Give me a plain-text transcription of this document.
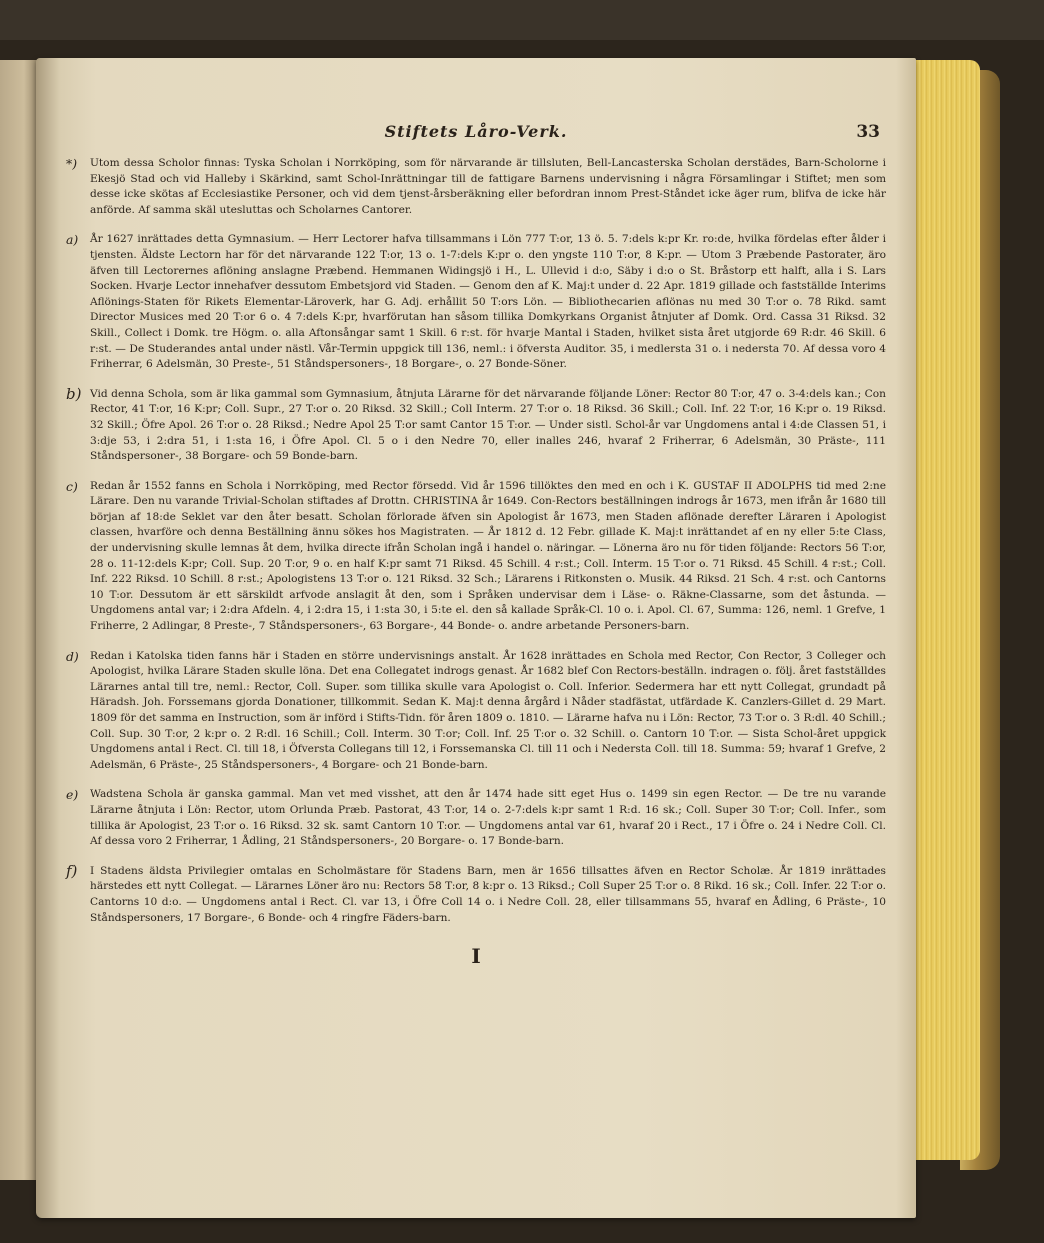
Stiftets Låro-Verk.	33
*)	Utom dessa Scholor finnas: Tyska Scholan i Norrköping, som för närvarande är tillsluten, Bell-Lancasterska Scholan derstädes, Barn-Scholorne i Ekesjö Stad och vid Halleby i Skärkind, samt Schol-Inrättningar till de fattigare Barnens undervisning i några Församlingar i Stiftet; men som desse icke skötas af Ecclesiastike Personer, och vid dem tjenst-årsberäkning eller befordran innom Prest-Ståndet icke äger rum, blifva de icke här anförde. Af samma skäl utesluttas och Scholarnes Cantorer.
a)	År 1627 inrättades detta Gymnasium. — Herr Lectorer hafva tillsammans i Lön 777 T:or, 13 ö. 5. 7:dels k:pr Kr. ro:de, hvilka fördelas efter ålder i tjensten. Äldste Lectorn har för det närvarande 122 T:or, 13 o. 1-7:dels K:pr o. den yngste 110 T:or, 8 K:pr. — Utom 3 Præbende Pastorater, äro äfven till Lectorernes aflöning anslagne Præbend. Hemmanen Widingsjö i H., L. Ullevid i d:o, Säby i d:o o St. Bråstorp ett halft, alla i S. Lars Socken. Hvarje Lector innehafver dessutom Embetsjord vid Staden. — Genom den af K. Maj:t under d. 22 Apr. 1819 gillade och fastställde Interims Aflönings-Staten för Rikets Elementar-Läroverk, har G. Adj. erhållit 50 T:ors Lön. — Bibliothecarien aflönas nu med 30 T:or o. 78 Rikd. samt Director Musices med 20 T:or 6 o. 4 7:dels K:pr, hvarförutan han såsom tillika Domkyrkans Organist åtnjuter af Domk. Ord. Cassa 31 Riksd. 32 Skill., Collect i Domk. tre Högm. o. alla Aftonsångar samt 1 Skill. 6 r:st. för hvarje Mantal i Staden, hvilket sista året utgjorde 69 R:dr. 46 Skill. 6 r:st. — De Studerandes antal under nästl. Vår-Termin uppgick till 136, neml.: i öfversta Auditor. 35, i medlersta 31 o. i nedersta 70. Af dessa voro 4 Friherrar, 6 Adelsmän, 30 Preste-, 51 Ståndspersoners-, 18 Borgare-, o. 27 Bonde-Söner.
b) Vid denna Schola, som är lika gammal som Gymnasium, åtnjuta Lärarne för det närvarande följande Löner: Rector 80 T:or, 47 o. 3-4:dels kan.; Con Rector, 41 T:or, 16 K:pr; Coll. Supr., 27 T:or o. 20 Riksd. 32 Skill.; Coll Interm. 27 T:or o. 18 Riksd. 36 Skill.; Coll. Inf. 22 T:or, 16 K:pr o. 19 Riksd. 32 Skill.; Öfre Apol. 26 T:or o. 28 Riksd.; Nedre Apol 25 T:or samt Cantor 15 T:or. — Under sistl. Schol-år var Ungdomens antal i 4:de Classen 51, i 3:dje 53, i 2:dra 51, i 1:sta 16, i Öfre Apol. Cl. 5 o i den Nedre 70, eller inalles 246, hvaraf 2 Friherrar, 6 Adelsmän, 30 Präste-, 111 Ståndspersoner-, 38 Borgare- och 59 Bonde-barn.
c)	Redan år 1552 fanns en Schola i Norrköping, med Rector försedd. Vid år 1596 tillöktes den med en och i K. GUSTAF II ADOLPHS tid med 2:ne Lärare. Den nu varande Trivial-Scholan stiftades af Drottn. CHRISTINA år 1649. Con-Rectors beställningen indrogs år 1673, men ifrån år 1680 till början af 18:de Seklet var den åter besatt. Scholan förlorade äfven sin Apologist år 1673, men Staden aflönade derefter Läraren i Apologist classen, hvarföre och denna Beställning ännu sökes hos Magistraten. — År 1812 d. 12 Febr. gillade K. Maj:t inrättandet af en ny eller 5:te Class, der undervisning skulle lemnas åt dem, hvilka directe ifrån Scholan ingå i handel o. näringar. — Lönerna äro nu för tiden följande: Rectors 56 T:or, 28 o. 11-12:dels K:pr; Coll. Sup. 20 T:or, 9 o. en half K:pr samt 71 Riksd. 45 Schill. 4 r:st.; Coll. Interm. 15 T:or o. 71 Riksd. 45 Schill. 4 r:st.; Coll. Inf. 222 Riksd. 10 Schill. 8 r:st.; Apologistens 13 T:or o. 121 Riksd. 32 Sch.; Lärarens i Ritkonsten o. Musik. 44 Riksd. 21 Sch. 4 r:st. och Cantorns 10 T:or. Dessutom är ett särskildt arfvode anslagit åt den, som i Språken undervisar dem i Läse- o. Räkne-Classarne, som det åstunda. — Ungdomens antal var; i 2:dra Afdeln. 4, i 2:dra 15, i 1:sta 30, i 5:te el. den så kallade Språk-Cl. 10 o. i. Apol. Cl. 67, Summa: 126, neml. 1 Grefve, 1 Friherre, 2 Adlingar, 8 Preste-, 7 Ståndspersoners-, 63 Borgare-, 44 Bonde- o. andre arbetande Personers-barn.
d)	Redan i Katolska tiden fanns här i Staden en större undervisnings anstalt. År 1628 inrättades en Schola med Rector, Con Rector, 3 Colleger och Apologist, hvilka Lärare Staden skulle löna. Det ena Collegatet indrogs genast. År 1682 blef Con Rectors-beställn. indragen o. följ. året fastställdes Lärarnes antal till tre, neml.: Rector, Coll. Super. som tillika skulle vara Apologist o. Coll. Inferior. Sedermera har ett nytt Collegat, grundadt på Häradsh. Joh. Forssemans gjorda Donationer, tillkommit. Sedan K. Maj:t denna årgård i Nåder stadfästat, utfärdade K. Canzlers-Gillet d. 29 Mart. 1809 för det samma en Instruction, som är införd i Stifts-Tidn. för åren 1809 o. 1810. — Lärarne hafva nu i Lön: Rector, 73 T:or o. 3 R:dl. 40 Schill.; Coll. Sup. 30 T:or, 2 k:pr o. 2 R:dl. 16 Schill.; Coll. Interm. 30 T:or; Coll. Inf. 25 T:or o. 32 Schill. o. Cantorn 10 T:or. — Sista Schol-året uppgick Ungdomens antal i Rect. Cl. till 18, i Öfversta Collegans till 12, i Forssemanska Cl. till 11 och i Nedersta Coll. till 18. Summa: 59; hvaraf 1 Grefve, 2 Adelsmän, 6 Präste-, 25 Ståndspersoners-, 4 Borgare- och 21 Bonde-barn.
e)	Wadstena Schola är ganska gammal. Man vet med visshet, att den år 1474 hade sitt eget Hus o. 1499 sin egen Rector. — De tre nu varande Lärarne åtnjuta i Lön: Rector, utom Orlunda Præb. Pastorat, 43 T:or, 14 o. 2-7:dels k:pr samt 1 R:d. 16 sk.; Coll. Super 30 T:or; Coll. Infer., som tillika är Apologist, 23 T:or o. 16 Riksd. 32 sk. samt Cantorn 10 T:or. — Ungdomens antal var 61, hvaraf 20 i Rect., 17 i Öfre o. 24 i Nedre Coll. Cl. Af dessa voro 2 Friherrar, 1 Ådling, 21 Ståndspersoners-, 20 Borgare- o. 17 Bonde-barn.
f)	I Stadens äldsta Privilegier omtalas en Scholmästare för Stadens Barn, men är 1656 tillsattes äfven en Rector Scholæ. År 1819 inrättades härstedes ett nytt Collegat. — Lärarnes Löner äro nu: Rectors 58 T:or, 8 k:pr o. 13 Riksd.; Coll Super 25 T:or o. 8 Rikd. 16 sk.; Coll. Infer. 22 T:or o. Cantorns 10 d:o. — Ungdomens antal i Rect. Cl. var 13, i Öfre Coll 14 o. i Nedre Coll. 28, eller tillsammans 55, hvaraf en Ådling, 6 Präste-, 10 Ståndspersoners, 17 Borgare-, 6 Bonde- och 4 ringfre Fäders-barn.
I
